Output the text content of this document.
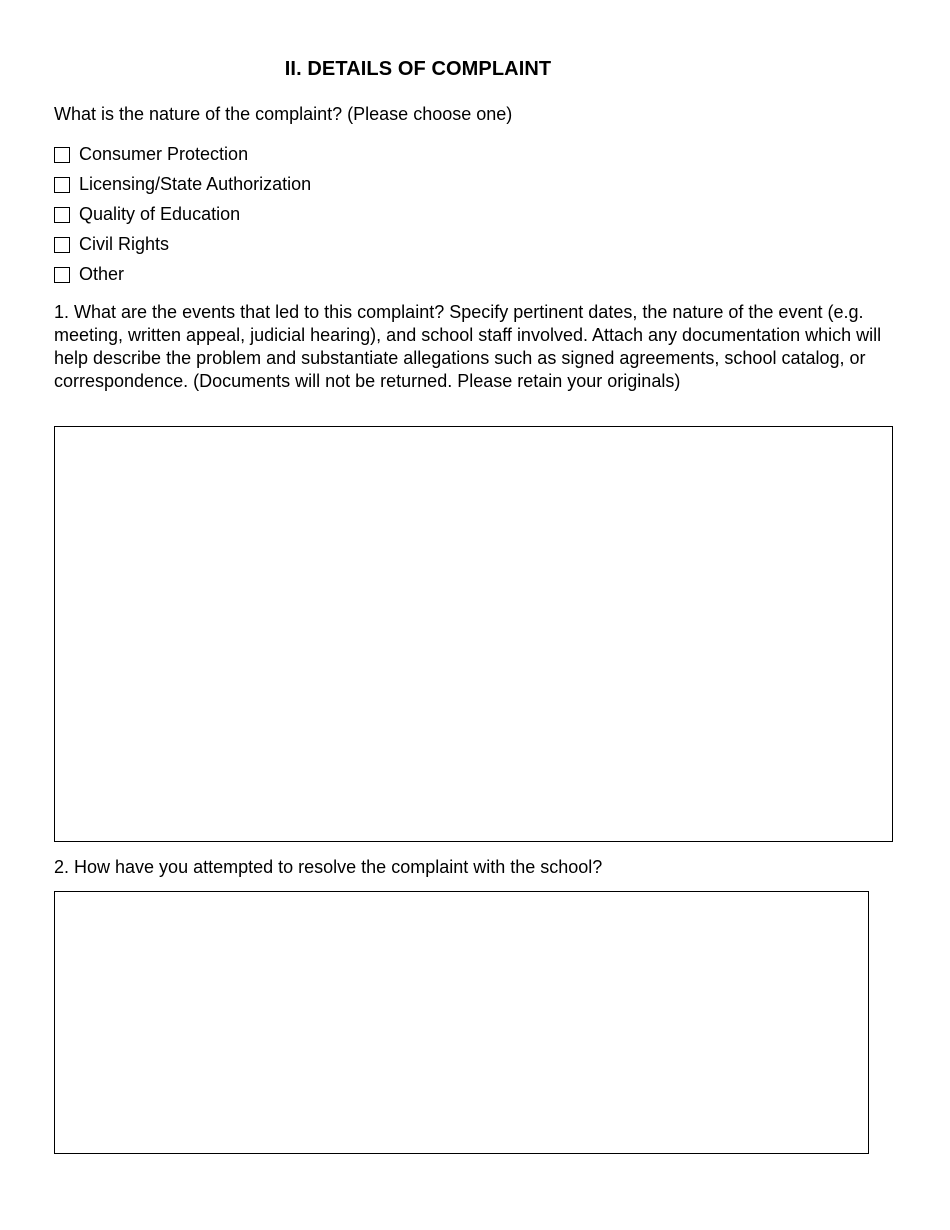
II. DETAILS OF COMPLAINT
What is the nature of the complaint? (Please choose one)
Consumer Protection
Licensing/State Authorization
Quality of Education
Civil Rights
Other
1. What are the events that led to this complaint? Specify pertinent dates, the nature of the event (e.g. meeting, written appeal, judicial hearing), and school staff involved. Attach any documentation which will help describe the problem and substantiate allegations such as signed agreements, school catalog, or correspondence. (Documents will not be returned. Please retain your originals)
2. How have you attempted to resolve the complaint with the school?
